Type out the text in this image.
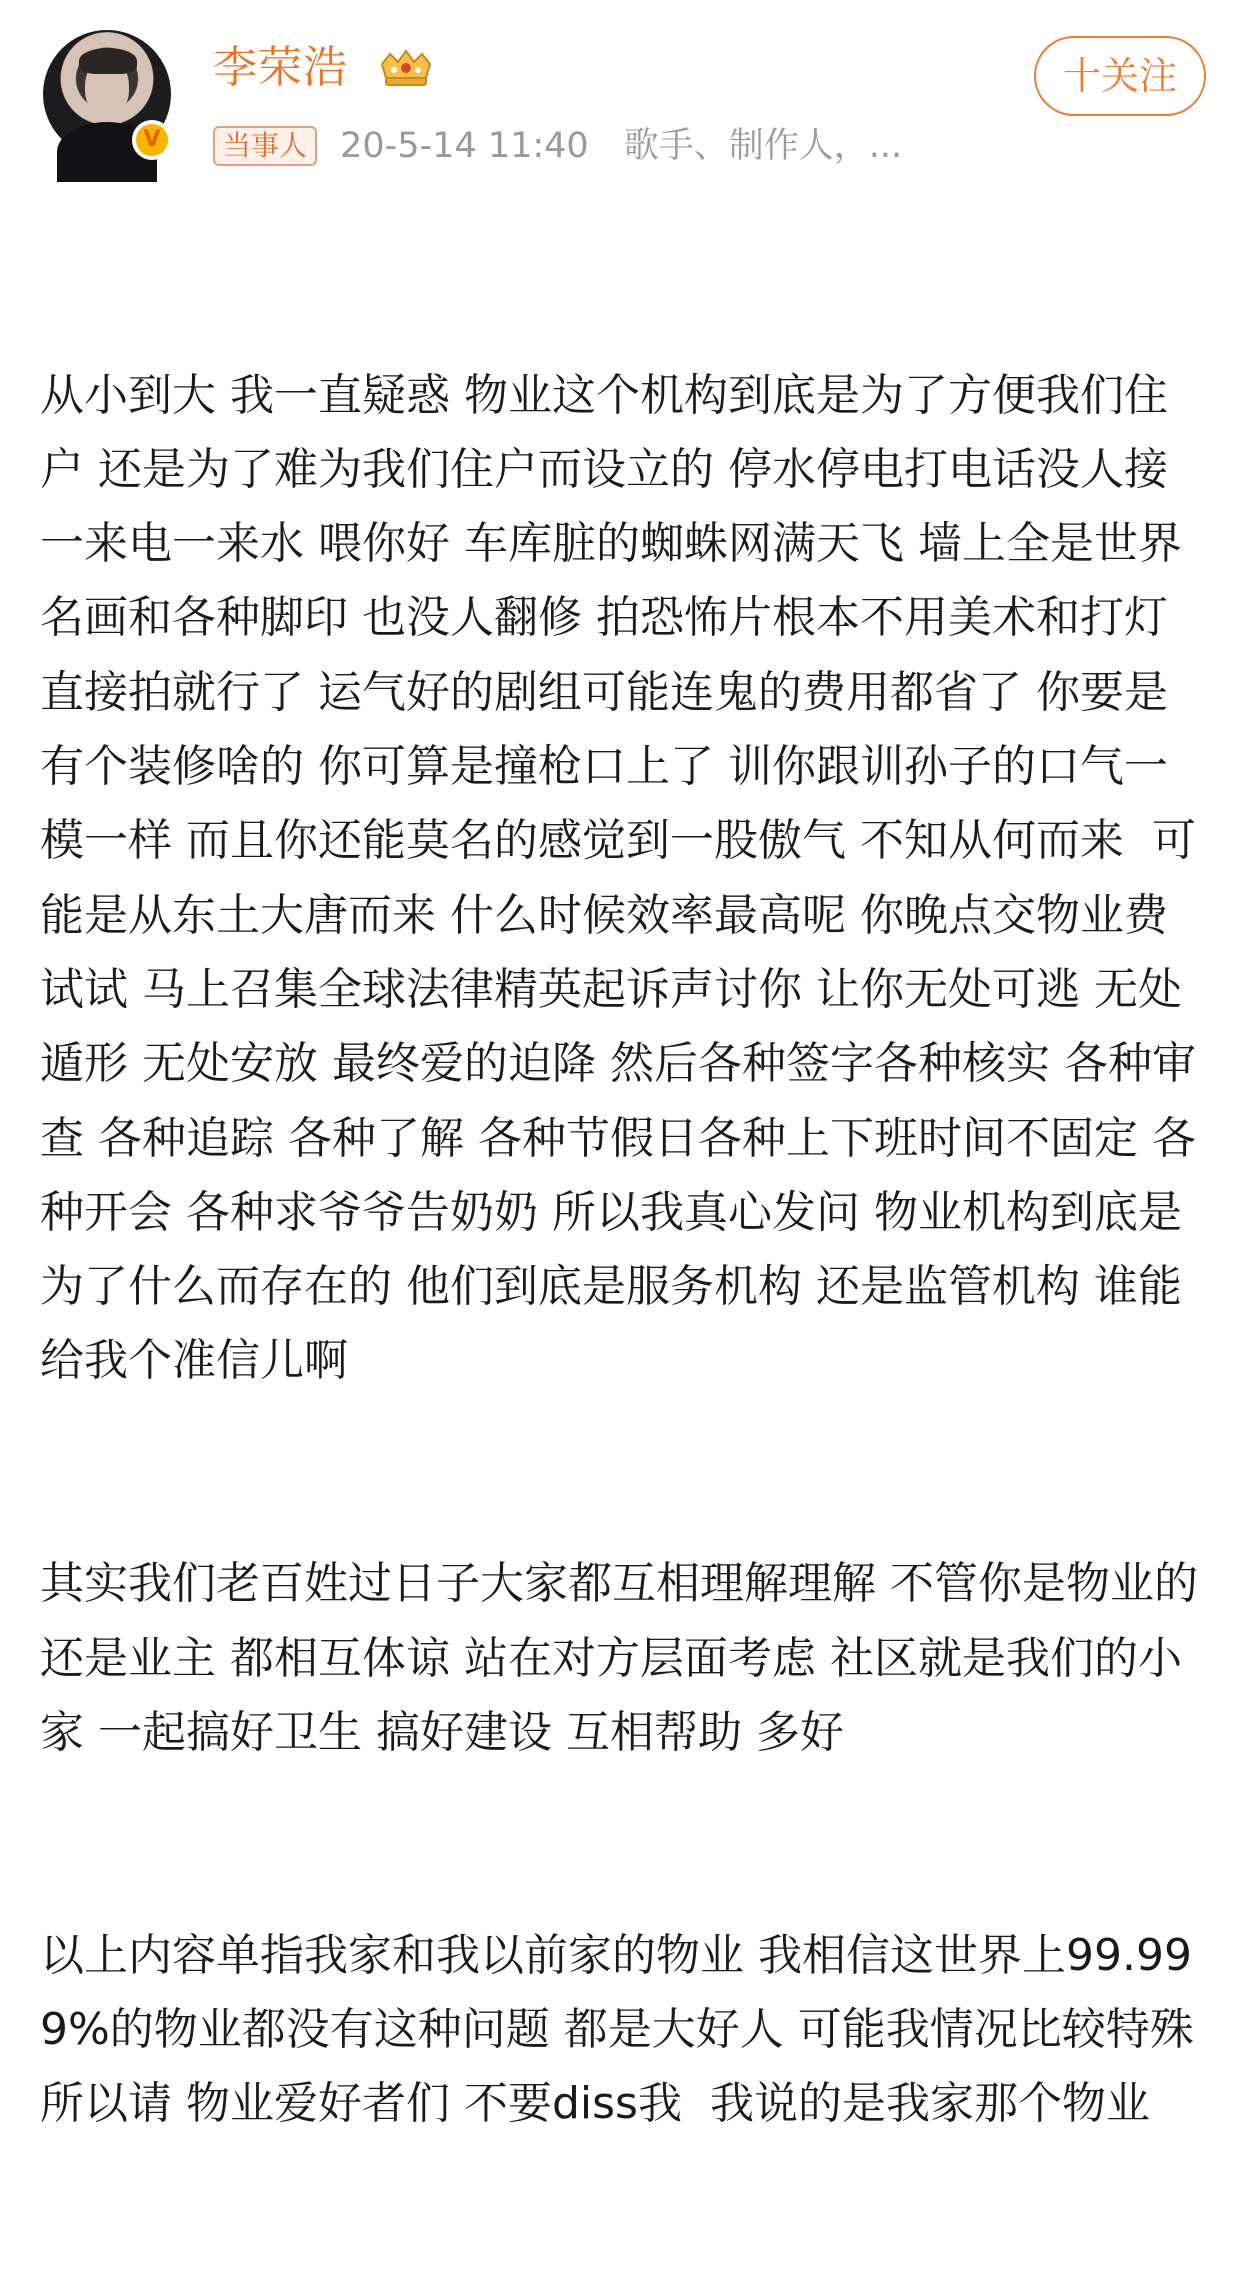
V
李荣浩	十关注
当事人 20-5-14 11:40 歌手、制作人，...

从小到大 我一直疑惑 物业这个机构到底是为了方便我们住户 还是为了难为我们住户而设立的 停水停电打电话没人接 一来电一来水 喂你好 车库脏的蜘蛛网满天飞 墙上全是世界名画和各种脚印 也没人翻修 拍恐怖片根本不用美术和打灯 直接拍就行了 运气好的剧组可能连鬼的费用都省了 你要是有个装修啥的 你可算是撞枪口上了 训你跟训孙子的口气一模一样 而且你还能莫名的感觉到一股傲气 不知从何而来  可能是从东土大唐而来 什么时候效率最高呢 你晚点交物业费试试 马上召集全球法律精英起诉声讨你 让你无处可逃 无处遁形 无处安放 最终爱的迫降 然后各种签字各种核实 各种审查 各种追踪 各种了解 各种节假日各种上下班时间不固定 各种开会 各种求爷爷告奶奶 所以我真心发问 物业机构到底是为了什么而存在的 他们到底是服务机构 还是监管机构 谁能给我个准信儿啊

其实我们老百姓过日子大家都互相理解理解 不管你是物业的还是业主 都相互体谅 站在对方层面考虑 社区就是我们的小家 一起搞好卫生 搞好建设 互相帮助 多好

以上内容单指我家和我以前家的物业 我相信这世界上99.999%的物业都没有这种问题 都是大好人 可能我情况比较特殊 所以请 物业爱好者们 不要diss我  我说的是我家那个物业
